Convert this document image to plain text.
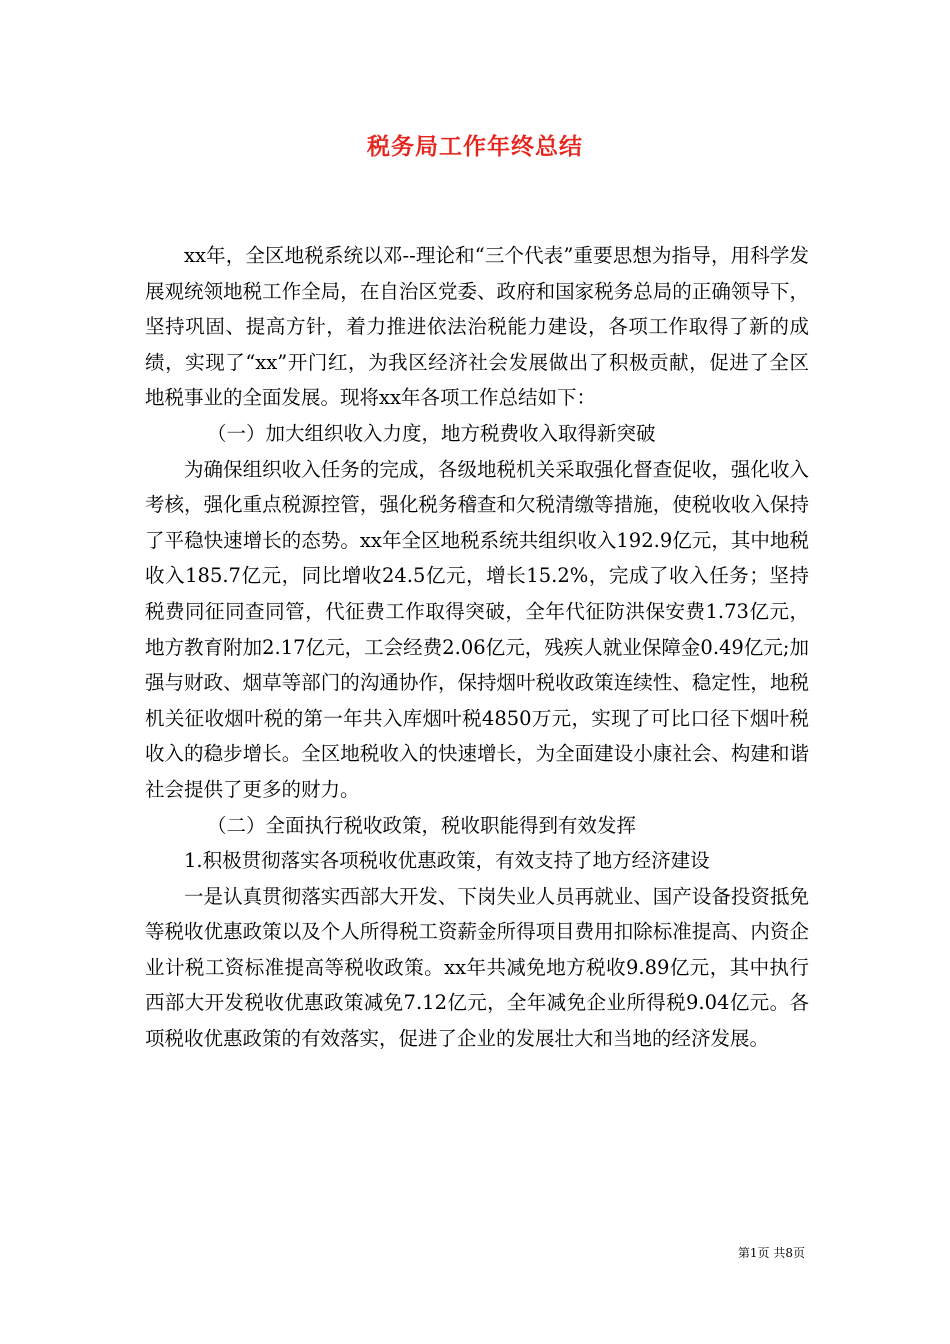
税务局工作年终总结

xx年，全区地税系统以邓--理论和“三个代表”重要思想为指导，用科学发展观统领地税工作全局，在自治区党委、政府和国家税务总局的正确领导下，坚持巩固、提高方针，着力推进依法治税能力建设，各项工作取得了新的成绩，实现了“xx”开门红，为我区经济社会发展做出了积极贡献，促进了全区地税事业的全面发展。现将xx年各项工作总结如下：

（一）加大组织收入力度，地方税费收入取得新突破

为确保组织收入任务的完成，各级地税机关采取强化督查促收，强化收入考核，强化重点税源控管，强化税务稽查和欠税清缴等措施，使税收收入保持了平稳快速增长的态势。xx年全区地税系统共组织收入192.9亿元，其中地税收入185.7亿元，同比增收24.5亿元，增长15.2%，完成了收入任务；坚持税费同征同查同管，代征费工作取得突破，全年代征防洪保安费1.73亿元，地方教育附加2.17亿元，工会经费2.06亿元，残疾人就业保障金0.49亿元;加强与财政、烟草等部门的沟通协作，保持烟叶税收政策连续性、稳定性，地税机关征收烟叶税的第一年共入库烟叶税4850万元，实现了可比口径下烟叶税收入的稳步增长。全区地税收入的快速增长，为全面建设小康社会、构建和谐社会提供了更多的财力。

（二）全面执行税收政策，税收职能得到有效发挥

1.积极贯彻落实各项税收优惠政策，有效支持了地方经济建设

一是认真贯彻落实西部大开发、下岗失业人员再就业、国产设备投资抵免等税收优惠政策以及个人所得税工资薪金所得项目费用扣除标准提高、内资企业计税工资标准提高等税收政策。xx年共减免地方税收9.89亿元，其中执行西部大开发税收优惠政策减免7.12亿元，全年减免企业所得税9.04亿元。各项税收优惠政策的有效落实，促进了企业的发展壮大和当地的经济发展。

第1页 共8页
